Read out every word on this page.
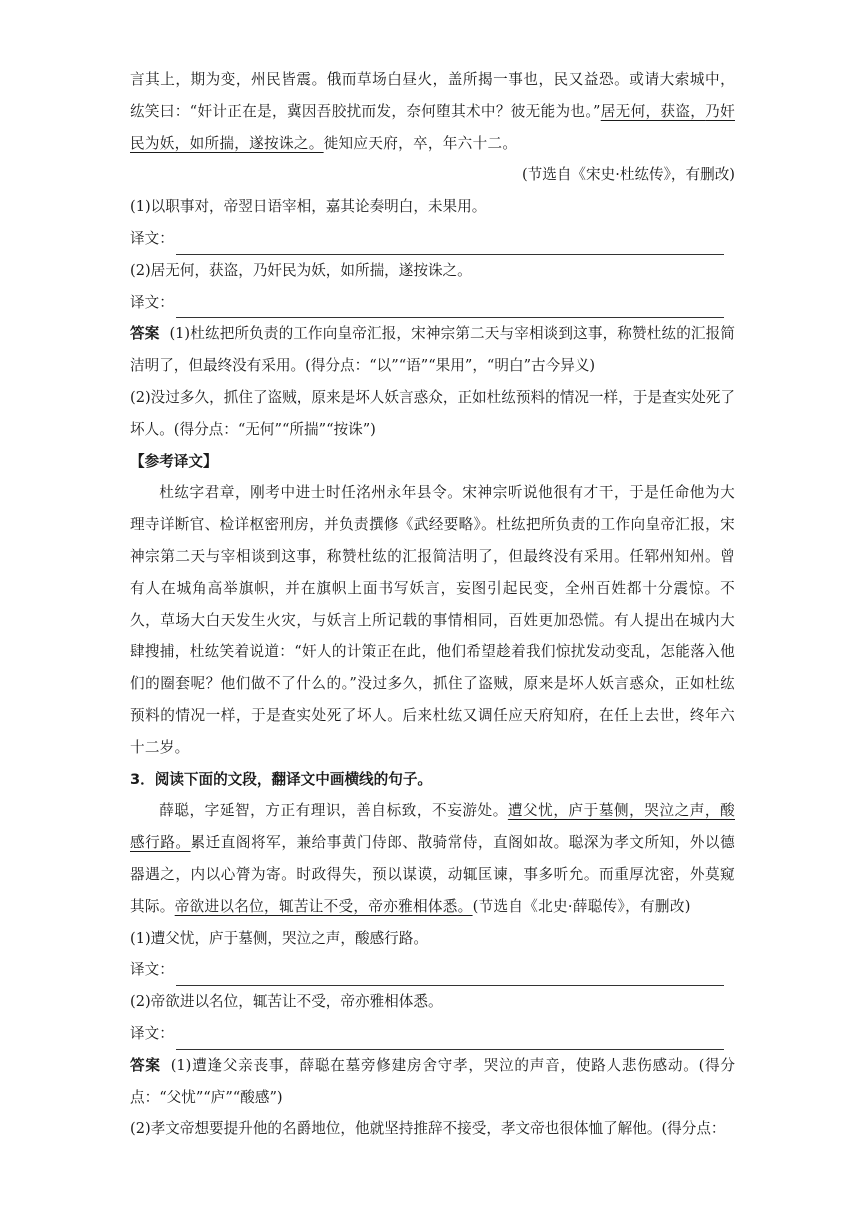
言其上，期为变，州民皆震。俄而草场白昼火，盖所揭一事也，民又益恐。或请大索城中，纮笑曰：“奸计正在是，冀因吾胶扰而发，奈何堕其术中？彼无能为也。”居无何，获盗，乃奸民为妖，如所揣，遂按诛之。徙知应天府，卒，年六十二。

(节选自《宋史·杜纮传》，有删改)

(1)以职事对，帝翌日语宰相，嘉其论奏明白，未果用。

译文：

(2)居无何，获盗，乃奸民为妖，如所揣，遂按诛之。

译文：

答案 (1)杜纮把所负责的工作向皇帝汇报，宋神宗第二天与宰相谈到这事，称赞杜纮的汇报简洁明了，但最终没有采用。(得分点：“以”“语”“果用”，“明白”古今异义)

(2)没过多久，抓住了盗贼，原来是坏人妖言惑众，正如杜纮预料的情况一样，于是查实处死了坏人。(得分点：“无何”“所揣”“按诛”)

【参考译文】

杜纮字君章，刚考中进士时任洺州永年县令。宋神宗听说他很有才干，于是任命他为大理寺详断官、检详枢密刑房，并负责撰修《武经要略》。杜纮把所负责的工作向皇帝汇报，宋神宗第二天与宰相谈到这事，称赞杜纮的汇报简洁明了，但最终没有采用。任郓州知州。曾有人在城角高举旗帜，并在旗帜上面书写妖言，妄图引起民变，全州百姓都十分震惊。不久，草场大白天发生火灾，与妖言上所记载的事情相同，百姓更加恐慌。有人提出在城内大肆搜捕，杜纮笑着说道：“奸人的计策正在此，他们希望趁着我们惊扰发动变乱，怎能落入他们的圈套呢？他们做不了什么的。”没过多久，抓住了盗贼，原来是坏人妖言惑众，正如杜纮预料的情况一样，于是查实处死了坏人。后来杜纮又调任应天府知府，在任上去世，终年六十二岁。

3．阅读下面的文段，翻译文中画横线的句子。

薛聪，字延智，方正有理识，善自标致，不妄游处。遭父忧，庐于墓侧，哭泣之声，酸感行路。累迁直阁将军，兼给事黄门侍郎、散骑常侍，直阁如故。聪深为孝文所知，外以德器遇之，内以心膂为寄。时政得失，预以谋谟，动辄匡谏，事多听允。而重厚沈密，外莫窥其际。帝欲进以名位，辄苦让不受，帝亦雅相体悉。(节选自《北史·薛聪传》，有删改)

(1)遭父忧，庐于墓侧，哭泣之声，酸感行路。

译文：

(2)帝欲进以名位，辄苦让不受，帝亦雅相体悉。

译文：

答案 (1)遭逢父亲丧事，薛聪在墓旁修建房舍守孝，哭泣的声音，使路人悲伤感动。(得分点：“父忧”“庐”“酸感”)

(2)孝文帝想要提升他的名爵地位，他就坚持推辞不接受，孝文帝也很体恤了解他。(得分点：
